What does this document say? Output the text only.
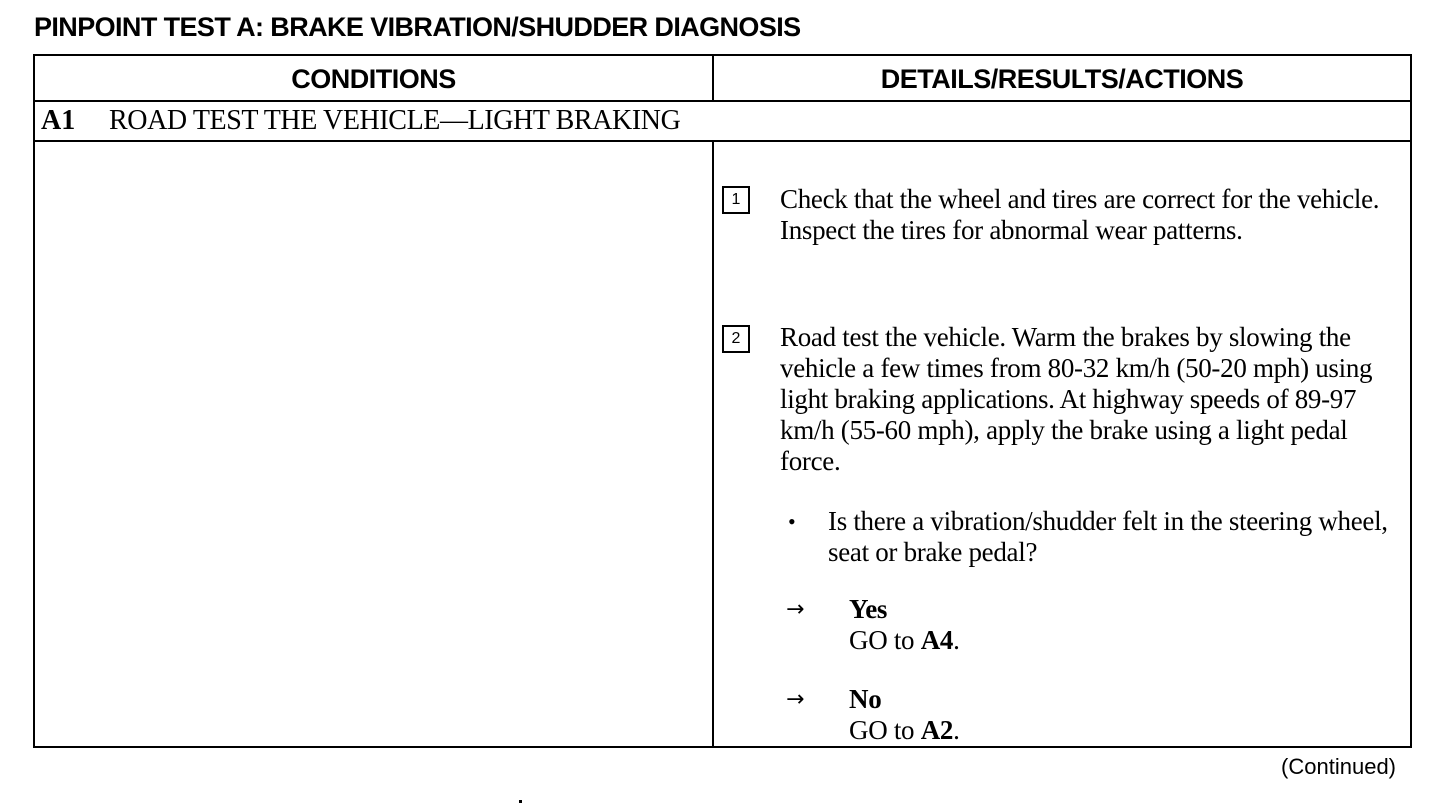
PINPOINT TEST A: BRAKE VIBRATION/SHUDDER DIAGNOSIS
CONDITIONS	DETAILS/RESULTS/ACTIONS
A1 ROAD TEST THE VEHICLE—LIGHT BRAKING
1	Check that the wheel and tires are correct for the vehicle. Inspect the tires for abnormal wear patterns.
2	Road test the vehicle. Warm the brakes by slowing the vehicle a few times from 80-32 km/h (50-20 mph) using light braking applications. At highway speeds of 89-97 km/h (55-60 mph), apply the brake using a light pedal force.
• Is there a vibration/shudder felt in the steering wheel, seat or brake pedal?
→ Yes
GO to A4.
→ No
GO to A2.
(Continued)
